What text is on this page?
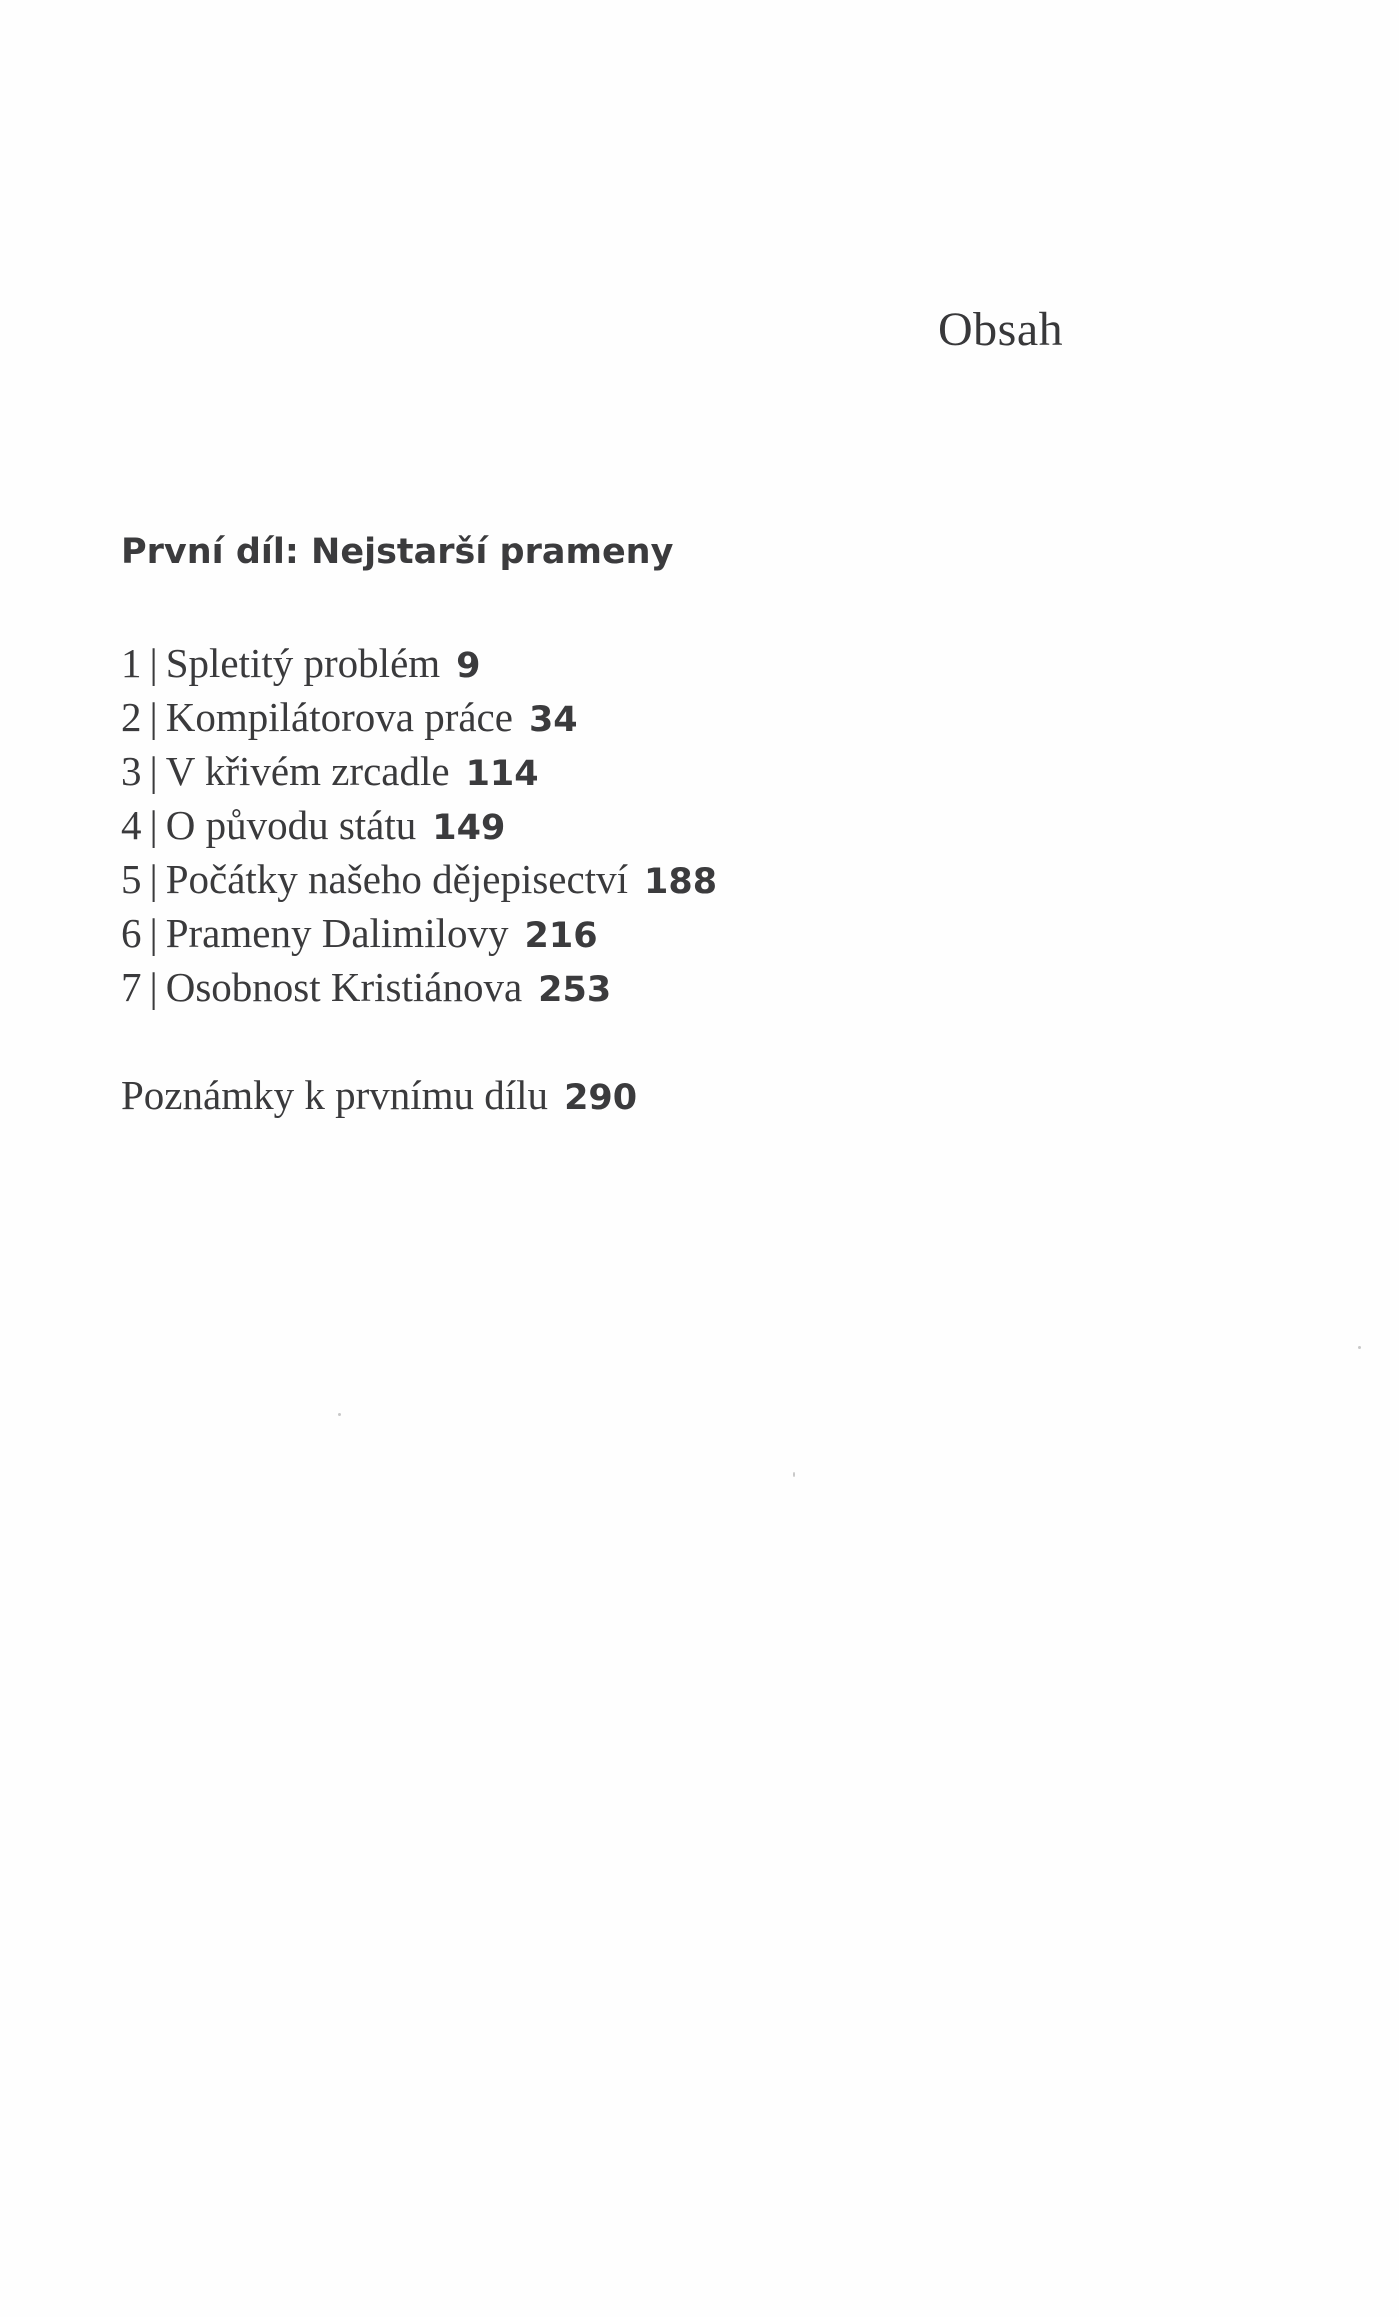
Obsah
První díl: Nejstarší prameny
1 | Spletitý problém 9
2 | Kompilátorova práce 34
3 | V křivém zrcadle 114
4 | O původu státu 149
5 | Počátky našeho dějepisectví 188
6 | Prameny Dalimilovy 216
7 | Osobnost Kristiánova 253
Poznámky k prvnímu dílu 290
